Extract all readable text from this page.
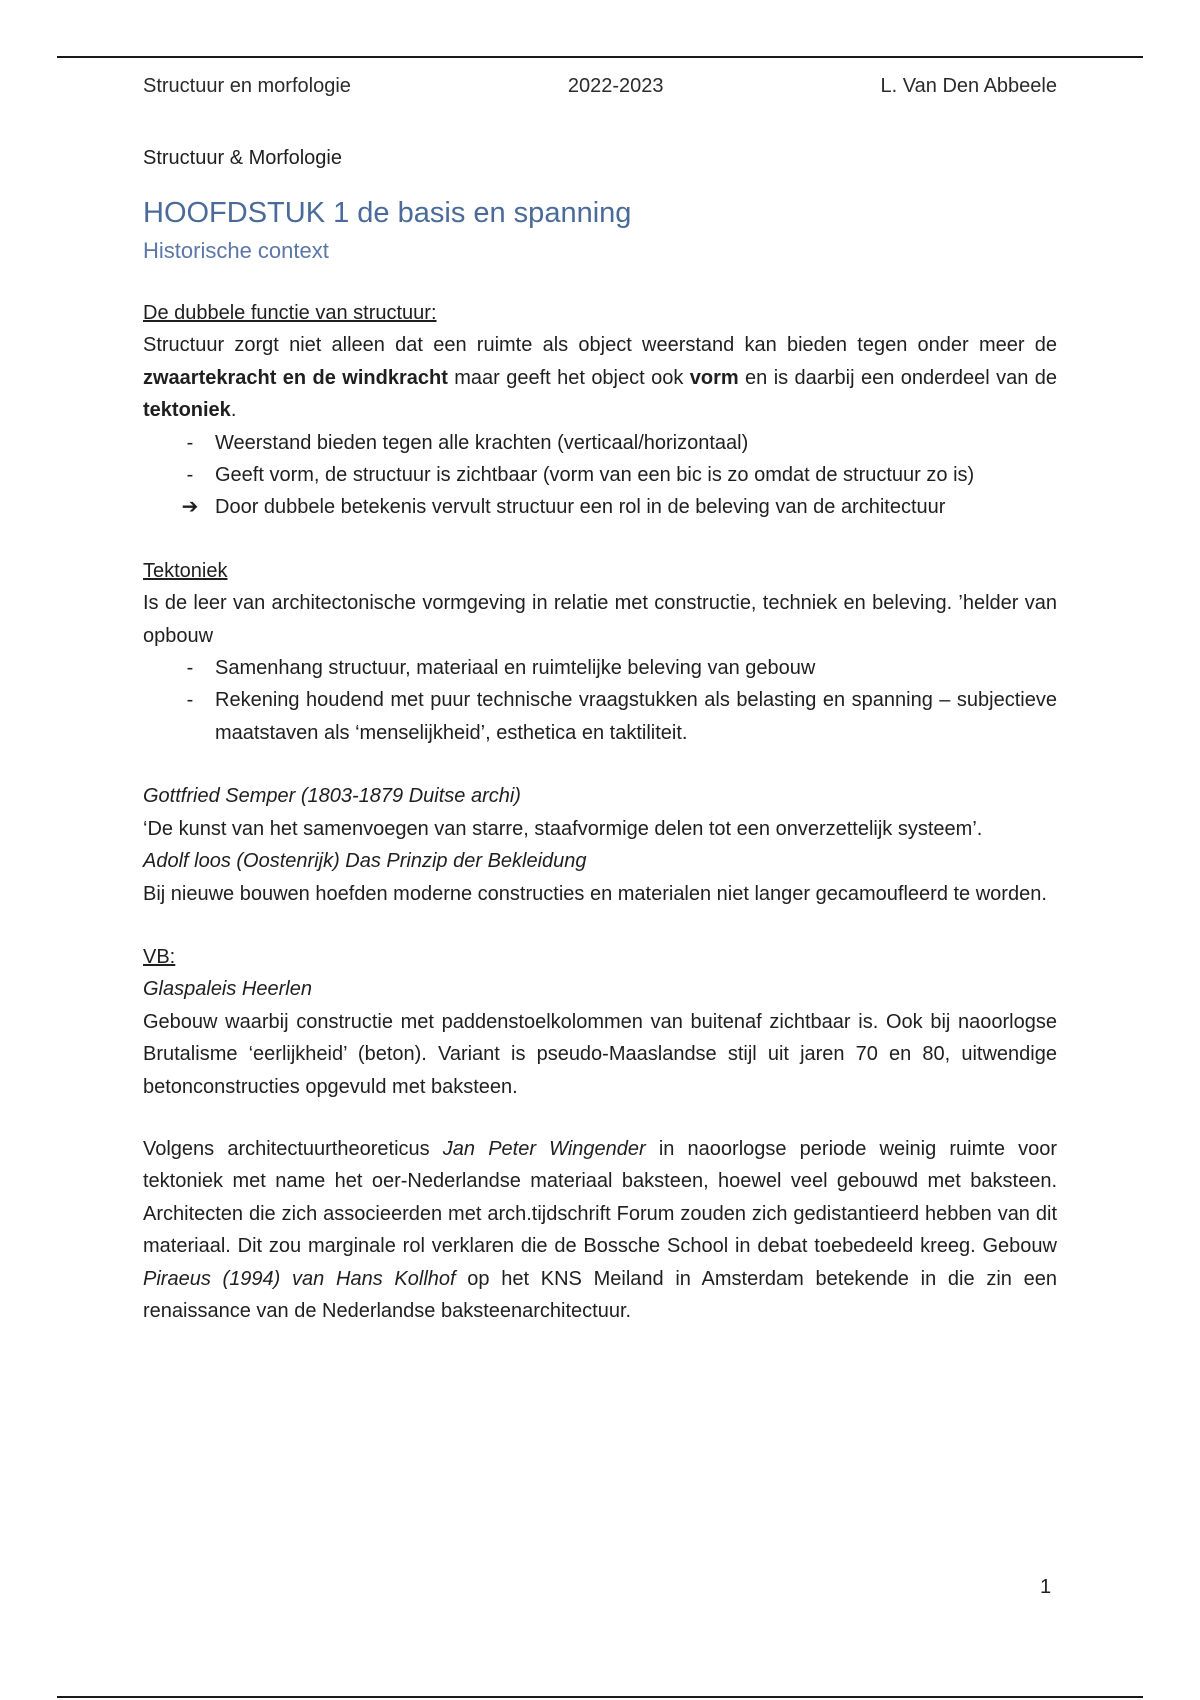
Structuur en morfologie	2022-2023	L. Van Den Abbeele
Structuur & Morfologie
HOOFDSTUK 1 de basis en spanning
Historische context

De dubbele functie van structuur:

Structuur zorgt niet alleen dat een ruimte als object weerstand kan bieden tegen onder meer de zwaartekracht en de windkracht maar geeft het object ook vorm en is daarbij een onderdeel van de tektoniek.

-	Weerstand bieden tegen alle krachten (verticaal/horizontaal)
-	Geeft vorm, de structuur is zichtbaar (vorm van een bic is zo omdat de structuur zo is)
➔ Door dubbele betekenis vervult structuur een rol in de beleving van de architectuur

Tektoniek

Is de leer van architectonische vormgeving in relatie met constructie, techniek en beleving. ’helder van opbouw

-	Samenhang structuur, materiaal en ruimtelijke beleving van gebouw
-	Rekening houdend met puur technische vraagstukken als belasting en spanning – subjectieve maatstaven als ‘menselijkheid’, esthetica en taktiliteit.

Gottfried Semper (1803-1879 Duitse archi)

‘De kunst van het samenvoegen van starre, staafvormige delen tot een onverzettelijk systeem’.

Adolf loos (Oostenrijk) Das Prinzip der Bekleidung

Bij nieuwe bouwen hoefden moderne constructies en materialen niet langer gecamoufleerd te worden.

VB:

Glaspaleis Heerlen

Gebouw waarbij constructie met paddenstoelkolommen van buitenaf zichtbaar is. Ook bij naoorlogse Brutalisme ‘eerlijkheid’ (beton). Variant is pseudo-Maaslandse stijl uit jaren 70 en 80, uitwendige betonconstructies opgevuld met baksteen.

Volgens architectuurtheoreticus Jan Peter Wingender in naoorlogse periode weinig ruimte voor tektoniek met name het oer-Nederlandse materiaal baksteen, hoewel veel gebouwd met baksteen. Architecten die zich associeerden met arch.tijdschrift Forum zouden zich gedistantieerd hebben van dit materiaal. Dit zou marginale rol verklaren die de Bossche School in debat toebedeeld kreeg. Gebouw Piraeus (1994) van Hans Kollhof op het KNS Meiland in Amsterdam betekende in die zin een renaissance van de Nederlandse baksteenarchitectuur.

1
